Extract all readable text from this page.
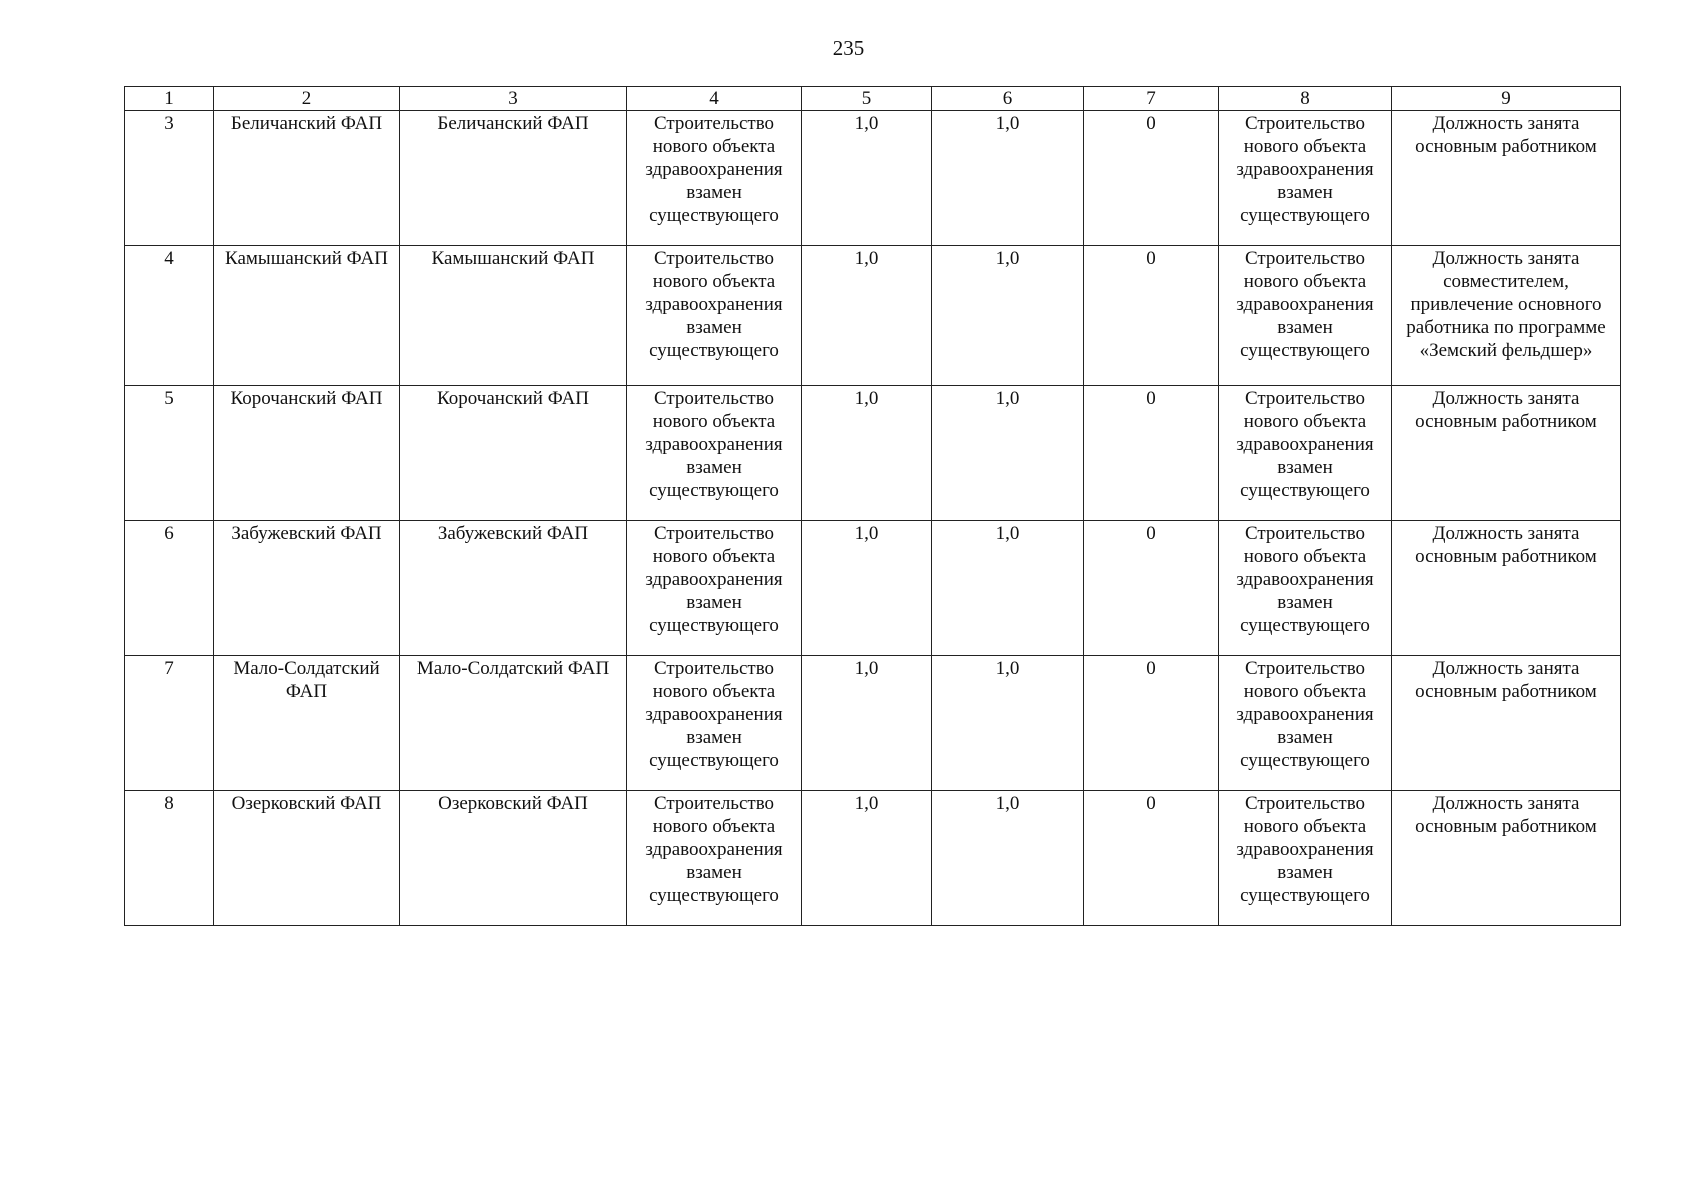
235
1	2	3	4	5	6	7	8	9
3	Беличанский ФАП	Беличанский ФАП	Строительство нового объекта здравоохранения взамен существующего	1,0	1,0	0	Строительство нового объекта здравоохранения взамен существующего	Должность занята основным работником
4	Камышанский ФАП	Камышанский ФАП	Строительство нового объекта здравоохранения взамен существующего	1,0	1,0	0	Строительство нового объекта здравоохранения взамен существующего	Должность занята совместителем, привлечение основного работника по программе «Земский фельдшер»
5	Корочанский ФАП	Корочанский ФАП	Строительство нового объекта здравоохранения взамен существующего	1,0	1,0	0	Строительство нового объекта здравоохранения взамен существующего	Должность занята основным работником
6	Забужевский ФАП	Забужевский ФАП	Строительство нового объекта здравоохранения взамен существующего	1,0	1,0	0	Строительство нового объекта здравоохранения взамен существующего	Должность занята основным работником
7	Мало-Солдатский ФАП	Мало-Солдатский ФАП	Строительство нового объекта здравоохранения взамен существующего	1,0	1,0	0	Строительство нового объекта здравоохранения взамен существующего	Должность занята основным работником
8	Озерковский ФАП	Озерковский ФАП	Строительство нового объекта здравоохранения взамен существующего	1,0	1,0	0	Строительство нового объекта здравоохранения взамен существующего	Должность занята основным работником
